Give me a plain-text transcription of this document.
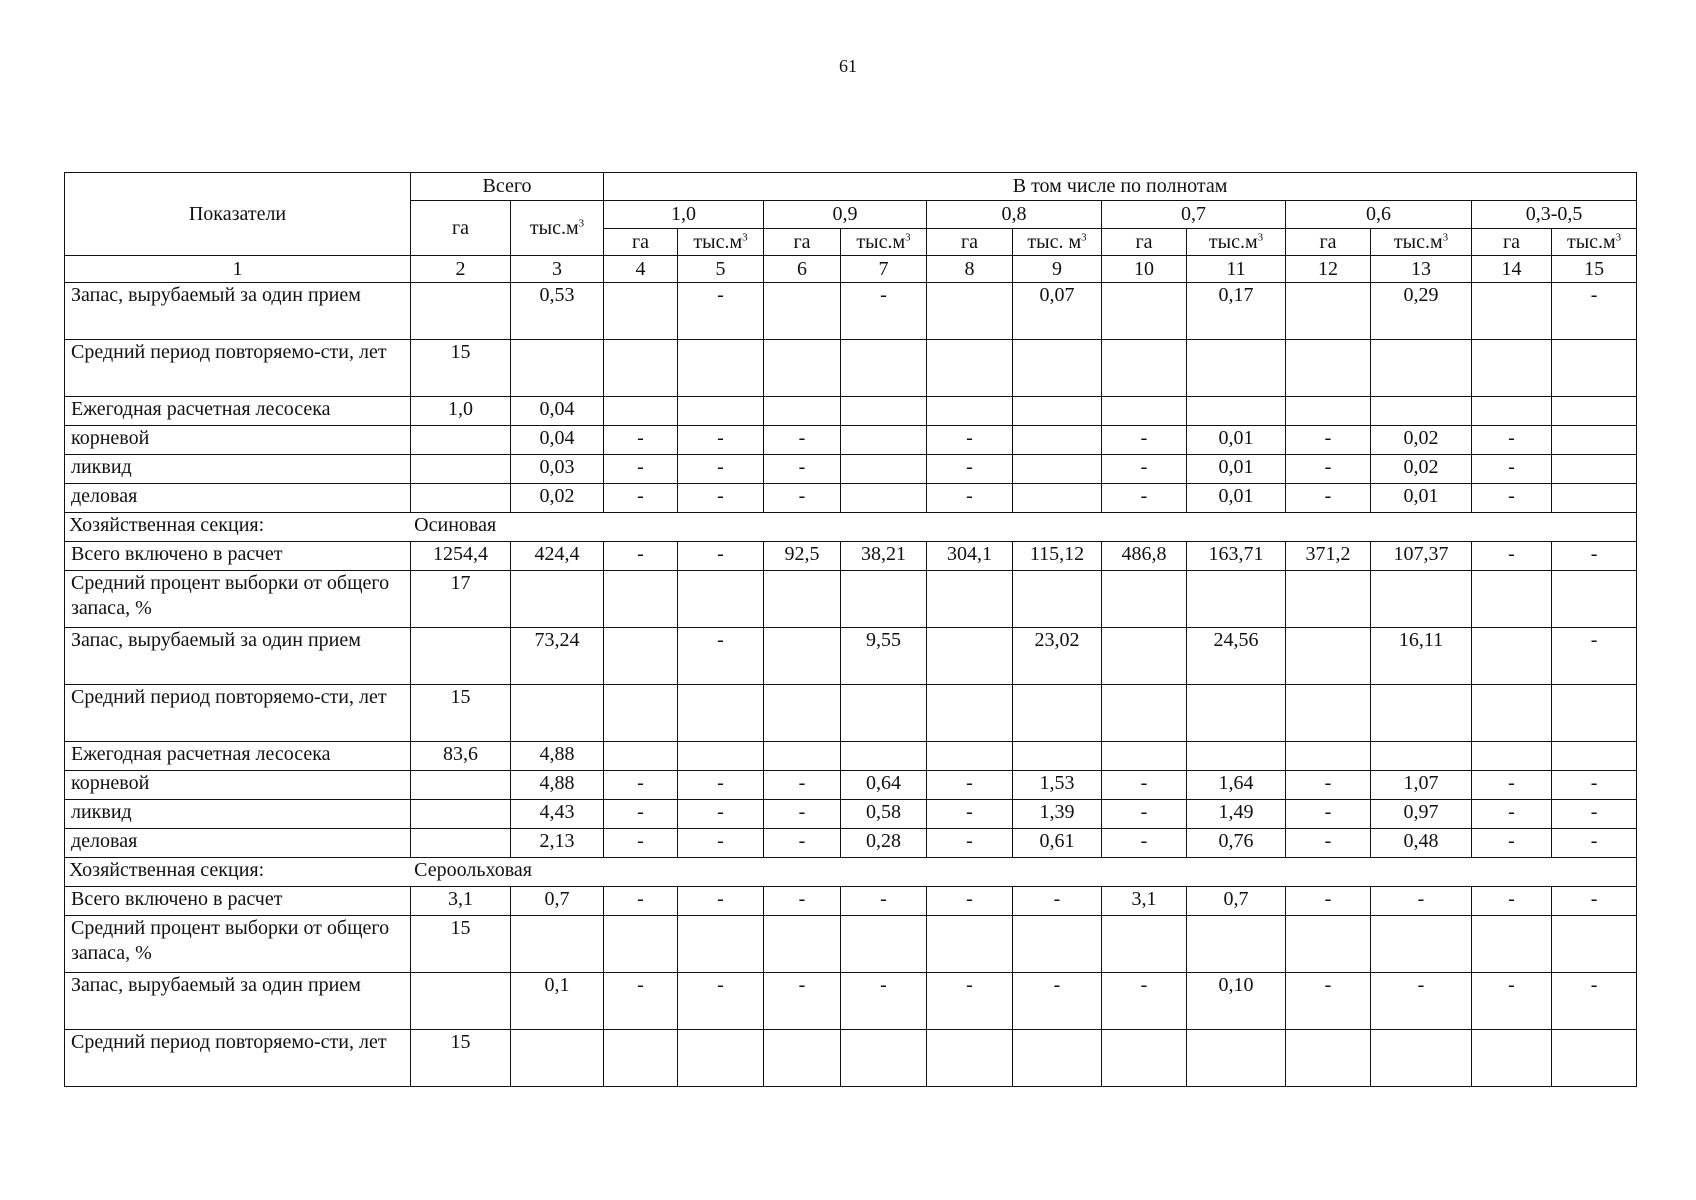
61
Показатели	Всего		В том числе по полнотам											
	га	$тыс.м^3$	1,0		0,9		0,8		0,7		0,6		0,3-0,5	
			га	$тыс.м^3$	га	$тыс.м^3$	га	тыс. $м^3$	га	$тыс.м^3$	га	$тыс.м^3$	га	$тыс.м^3$
1	2	3	4	5	6	7	8	9	10	11	12	13	14	15
Запас, вырубаемый за один прием		0,53		-		-		0,07		0,17		0,29		-
Средний период повторяемо-сти, лет	15													
Ежегодная расчетная лесосека	1,0	0,04												
корневой		0,04	-	-	-		-		-	0,01	-	0,02	-	
ликвид		0,03	-	-	-		-		-	0,01	-	0,02	-	
деловая		0,02	-	-	-		-		-	0,01	-	0,01	-	
Хозяйственная секция: Осиновая														
Всего включено в расчет	1254,4	424,4	-	-	92,5	38,21	304,1	115,12	486,8	163,71	371,2	107,37	-	-
Средний процент выборки от общего запаса, %	17													
Запас, вырубаемый за один прием		73,24		-		9,55		23,02		24,56		16,11		-
Средний период повторяемо-сти, лет	15													
Ежегодная расчетная лесосека	83,6	4,88												
корневой		4,88	-	-	-	0,64	-	1,53	-	1,64	-	1,07	-	-
ликвид		4,43	-	-	-	0,58	-	1,39	-	1,49	-	0,97	-	-
деловая		2,13	-	-	-	0,28	-	0,61	-	0,76	-	0,48	-	-
Хозяйственная секция: Сероольховая														
Всего включено в расчет	3,1	0,7	-	-	-	-	-	-	3,1	0,7	-	-	-	-
Средний процент выборки от общего запаса, %	15													
Запас, вырубаемый за один прием		0,1	-	-	-	-	-	-	-	0,10	-	-	-	-
Средний период повторяемо-сти, лет	15													
